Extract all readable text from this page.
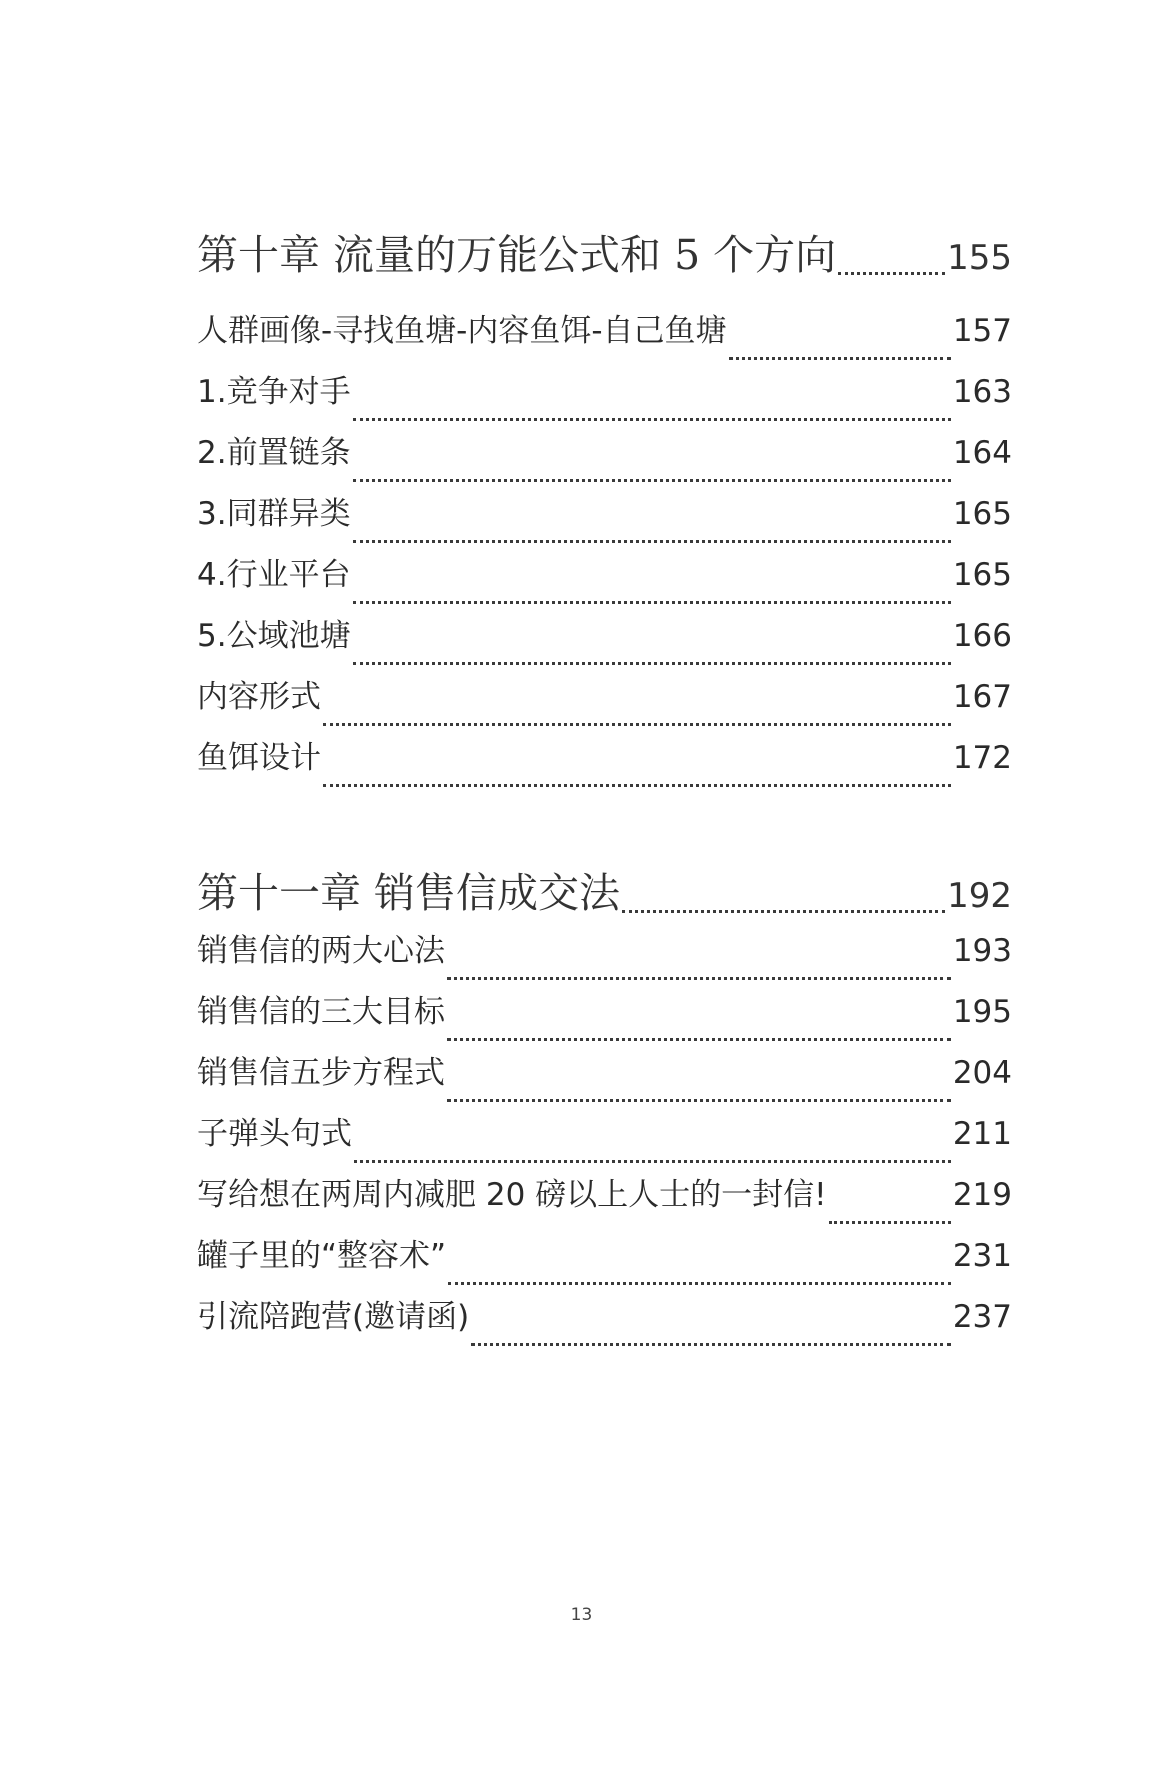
第十章 流量的万能公式和 5 个方向	155
人群画像-寻找鱼塘-内容鱼饵-自己鱼塘	157
1.竞争对手	163
2.前置链条	164
3.同群异类	165
4.行业平台	165
5.公域池塘	166
内容形式	167
鱼饵设计	172
第十一章 销售信成交法	192
销售信的两大心法	193
销售信的三大目标	195
销售信五步方程式	204
子弹头句式	211
写给想在两周内减肥 20 磅以上人士的一封信!	219
罐子里的“整容术”	231
引流陪跑营(邀请函)	237
13
